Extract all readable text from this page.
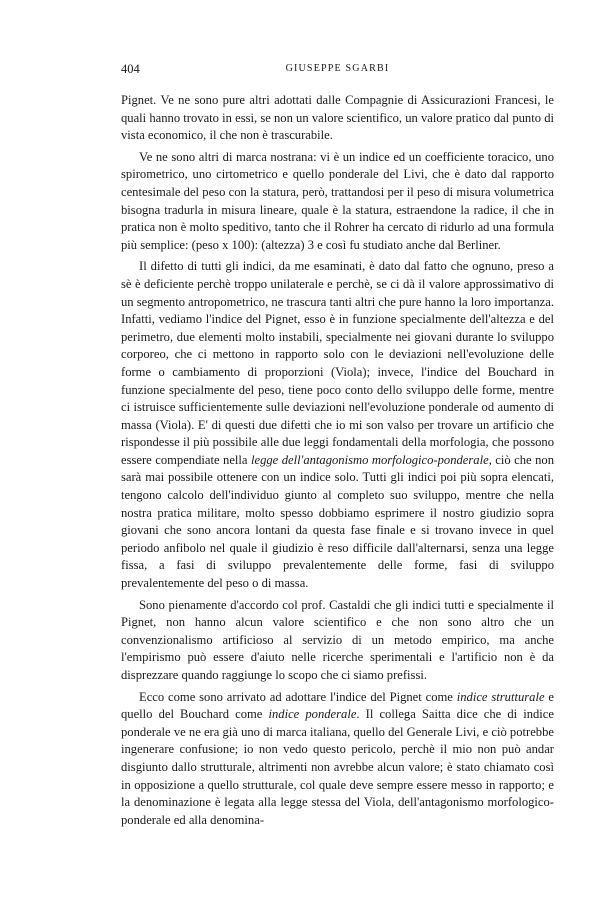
404	GIUSEPPE SGARBI

Pignet. Ve ne sono pure altri adottati dalle Compagnie di Assicurazioni Francesi, le quali hanno trovato in essi, se non un valore scientifico, un valore pratico dal punto di vista economico, il che non è trascurabile.

Ve ne sono altri di marca nostrana: vi è un indice ed un coefficiente toracico, uno spirometrico, uno cirtometrico e quello ponderale del Livi, che è dato dal rapporto centesimale del peso con la statura, però, trattandosi per il peso di misura volumetrica bisogna tradurla in misura lineare, quale è la statura, estraendone la radice, il che in pratica non è molto speditivo, tanto che il Rohrer ha cercato di ridurlo ad una formula più semplice: (peso x 100): (altezza) 3 e così fu studiato anche dal Berliner.

Il difetto di tutti gli indici, da me esaminati, è dato dal fatto che ognuno, preso a sè è deficiente perchè troppo unilaterale e perchè, se ci dà il valore approssimativo di un segmento antropometrico, ne trascura tanti altri che pure hanno la loro importanza. Infatti, vediamo l'indice del Pignet, esso è in funzione specialmente dell'altezza e del perimetro, due elementi molto instabili, specialmente nei giovani durante lo sviluppo corporeo, che ci mettono in rapporto solo con le deviazioni nell'evoluzione delle forme o cambiamento di proporzioni (Viola); invece, l'indice del Bouchard in funzione specialmente del peso, tiene poco conto dello sviluppo delle forme, mentre ci istruisce sufficientemente sulle deviazioni nell'evoluzione ponderale od aumento di massa (Viola). E' di questi due difetti che io mi son valso per trovare un artificio che rispondesse il più possibile alle due leggi fondamentali della morfologia, che possono essere compendiate nella legge dell'antagonismo morfologico-ponderale, ciò che non sarà mai possibile ottenere con un indice solo. Tutti gli indici poi più sopra elencati, tengono calcolo dell'individuo giunto al completo suo sviluppo, mentre che nella nostra pratica militare, molto spesso dobbiamo esprimere il nostro giudizio sopra giovani che sono ancora lontani da questa fase finale e si trovano invece in quel periodo anfibolo nel quale il giudizio è reso difficile dall'alternarsi, senza una legge fissa, a fasi di sviluppo prevalentemente delle forme, fasi di sviluppo prevalentemente del peso o di massa.

Sono pienamente d'accordo col prof. Castaldi che gli indici tutti e specialmente il Pignet, non hanno alcun valore scientifico e che non sono altro che un convenzionalismo artificioso al servizio di un metodo empirico, ma anche l'empirismo può essere d'aiuto nelle ricerche sperimentali e l'artificio non è da disprezzare quando raggiunge lo scopo che ci siamo prefissi.

Ecco come sono arrivato ad adottare l'indice del Pignet come indice strutturale e quello del Bouchard come indice ponderale. Il collega Saitta dice che di indice ponderale ve ne era già uno di marca italiana, quello del Generale Livi, e ciò potrebbe ingenerare confusione; io non vedo questo pericolo, perchè il mio non può andar disgiunto dallo strutturale, altrimenti non avrebbe alcun valore; è stato chiamato così in opposizione a quello strutturale, col quale deve sempre essere messo in rapporto; e la denominazione è legata alla legge stessa del Viola, dell'antagonismo morfologico-ponderale ed alla denomina-
